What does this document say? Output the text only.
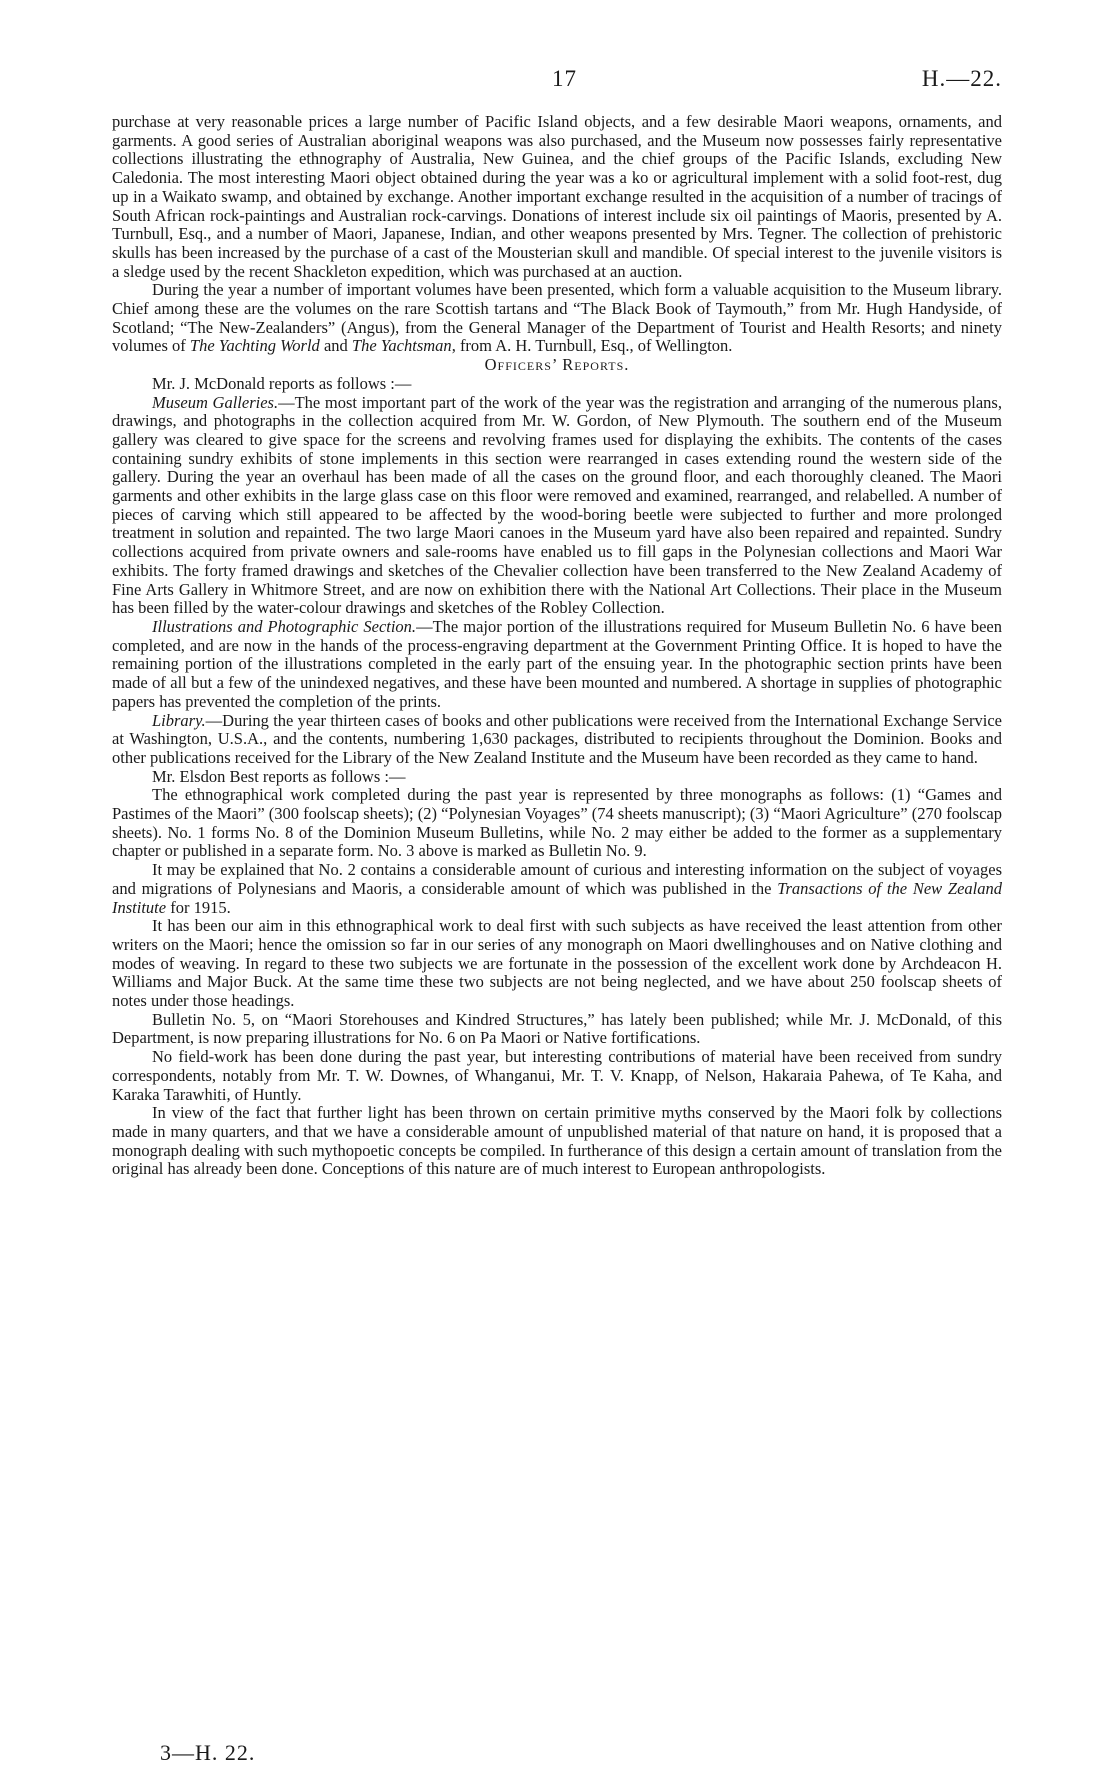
17	H.—22.

purchase at very reasonable prices a large number of Pacific Island objects, and a few desirable Maori weapons, ornaments, and garments. A good series of Australian aboriginal weapons was also purchased, and the Museum now possesses fairly representative collections illustrating the ethnography of Australia, New Guinea, and the chief groups of the Pacific Islands, excluding New Caledonia. The most interesting Maori object obtained during the year was a ko or agricultural implement with a solid foot-rest, dug up in a Waikato swamp, and obtained by exchange. Another important exchange resulted in the acquisition of a number of tracings of South African rock-paintings and Australian rock-carvings. Donations of interest include six oil paintings of Maoris, presented by A. Turnbull, Esq., and a number of Maori, Japanese, Indian, and other weapons presented by Mrs. Tegner. The collection of prehistoric skulls has been increased by the purchase of a cast of the Mousterian skull and mandible. Of special interest to the juvenile visitors is a sledge used by the recent Shackleton expedition, which was purchased at an auction.

During the year a number of important volumes have been presented, which form a valuable acquisition to the Museum library. Chief among these are the volumes on the rare Scottish tartans and “The Black Book of Taymouth,” from Mr. Hugh Handyside, of Scotland; “The New-Zealanders” (Angus), from the General Manager of the Department of Tourist and Health Resorts; and ninety volumes of The Yachting World and The Yachtsman, from A. H. Turnbull, Esq., of Wellington.

Officers’ Reports.

Mr. J. McDonald reports as follows :—

Museum Galleries.—The most important part of the work of the year was the registration and arranging of the numerous plans, drawings, and photographs in the collection acquired from Mr. W. Gordon, of New Plymouth. The southern end of the Museum gallery was cleared to give space for the screens and revolving frames used for displaying the exhibits. The contents of the cases containing sundry exhibits of stone implements in this section were rearranged in cases extending round the western side of the gallery. During the year an overhaul has been made of all the cases on the ground floor, and each thoroughly cleaned. The Maori garments and other exhibits in the large glass case on this floor were removed and examined, rearranged, and relabelled. A number of pieces of carving which still appeared to be affected by the wood-boring beetle were subjected to further and more prolonged treatment in solution and repainted. The two large Maori canoes in the Museum yard have also been repaired and repainted. Sundry collections acquired from private owners and sale-rooms have enabled us to fill gaps in the Polynesian collections and Maori War exhibits. The forty framed drawings and sketches of the Chevalier collection have been transferred to the New Zealand Academy of Fine Arts Gallery in Whitmore Street, and are now on exhibition there with the National Art Collections. Their place in the Museum has been filled by the water-colour drawings and sketches of the Robley Collection.

Illustrations and Photographic Section.—The major portion of the illustrations required for Museum Bulletin No. 6 have been completed, and are now in the hands of the process-engraving department at the Government Printing Office. It is hoped to have the remaining portion of the illustrations completed in the early part of the ensuing year. In the photographic section prints have been made of all but a few of the unindexed negatives, and these have been mounted and numbered. A shortage in supplies of photographic papers has prevented the completion of the prints.

Library.—During the year thirteen cases of books and other publications were received from the International Exchange Service at Washington, U.S.A., and the contents, numbering 1,630 packages, distributed to recipients throughout the Dominion. Books and other publications received for the Library of the New Zealand Institute and the Museum have been recorded as they came to hand.

Mr. Elsdon Best reports as follows :—

The ethnographical work completed during the past year is represented by three monographs as follows: (1) “Games and Pastimes of the Maori” (300 foolscap sheets); (2) “Polynesian Voyages” (74 sheets manuscript); (3) “Maori Agriculture” (270 foolscap sheets). No. 1 forms No. 8 of the Dominion Museum Bulletins, while No. 2 may either be added to the former as a supplementary chapter or published in a separate form. No. 3 above is marked as Bulletin No. 9.

It may be explained that No. 2 contains a considerable amount of curious and interesting information on the subject of voyages and migrations of Polynesians and Maoris, a considerable amount of which was published in the Transactions of the New Zealand Institute for 1915.

It has been our aim in this ethnographical work to deal first with such subjects as have received the least attention from other writers on the Maori; hence the omission so far in our series of any monograph on Maori dwellinghouses and on Native clothing and modes of weaving. In regard to these two subjects we are fortunate in the possession of the excellent work done by Archdeacon H. Williams and Major Buck. At the same time these two subjects are not being neglected, and we have about 250 foolscap sheets of notes under those headings.

Bulletin No. 5, on “Maori Storehouses and Kindred Structures,” has lately been published; while Mr. J. McDonald, of this Department, is now preparing illustrations for No. 6 on Pa Maori or Native fortifications.

No field-work has been done during the past year, but interesting contributions of material have been received from sundry correspondents, notably from Mr. T. W. Downes, of Whanganui, Mr. T. V. Knapp, of Nelson, Hakaraia Pahewa, of Te Kaha, and Karaka Tarawhiti, of Huntly.

In view of the fact that further light has been thrown on certain primitive myths conserved by the Maori folk by collections made in many quarters, and that we have a considerable amount of unpublished material of that nature on hand, it is proposed that a monograph dealing with such mythopoetic concepts be compiled. In furtherance of this design a certain amount of translation from the original has already been done. Conceptions of this nature are of much interest to European anthropologists.

3—H. 22.
